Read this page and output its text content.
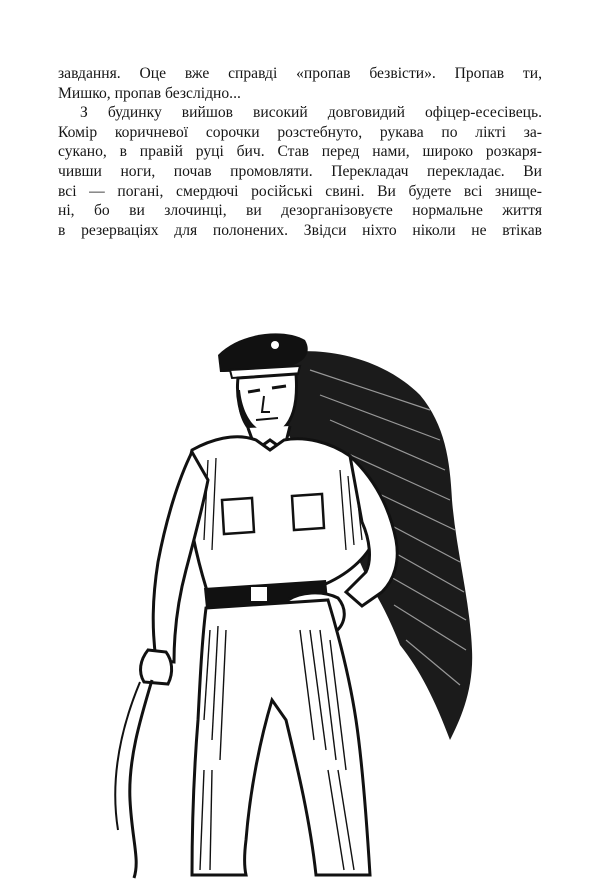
завдання. Оце вже справді «пропав безвісти». Пропав ти,
Мишко, пропав безслідно...
З будинку вийшов високий довговидий офіцер-есесівець.
Комір коричневої сорочки розстебнуто, рукава по лікті за-
сукано, в правій руці бич. Став перед нами, широко розкаря-
чивши ноги, почав промовляти. Перекладач перекладає. Ви
всі — погані, смердючі російські свині. Ви будете всі знище-
ні, бо ви злочинці, ви дезорганізовуєте нормальне життя
в резерваціях для полонених. Звідси ніхто ніколи не втікав
